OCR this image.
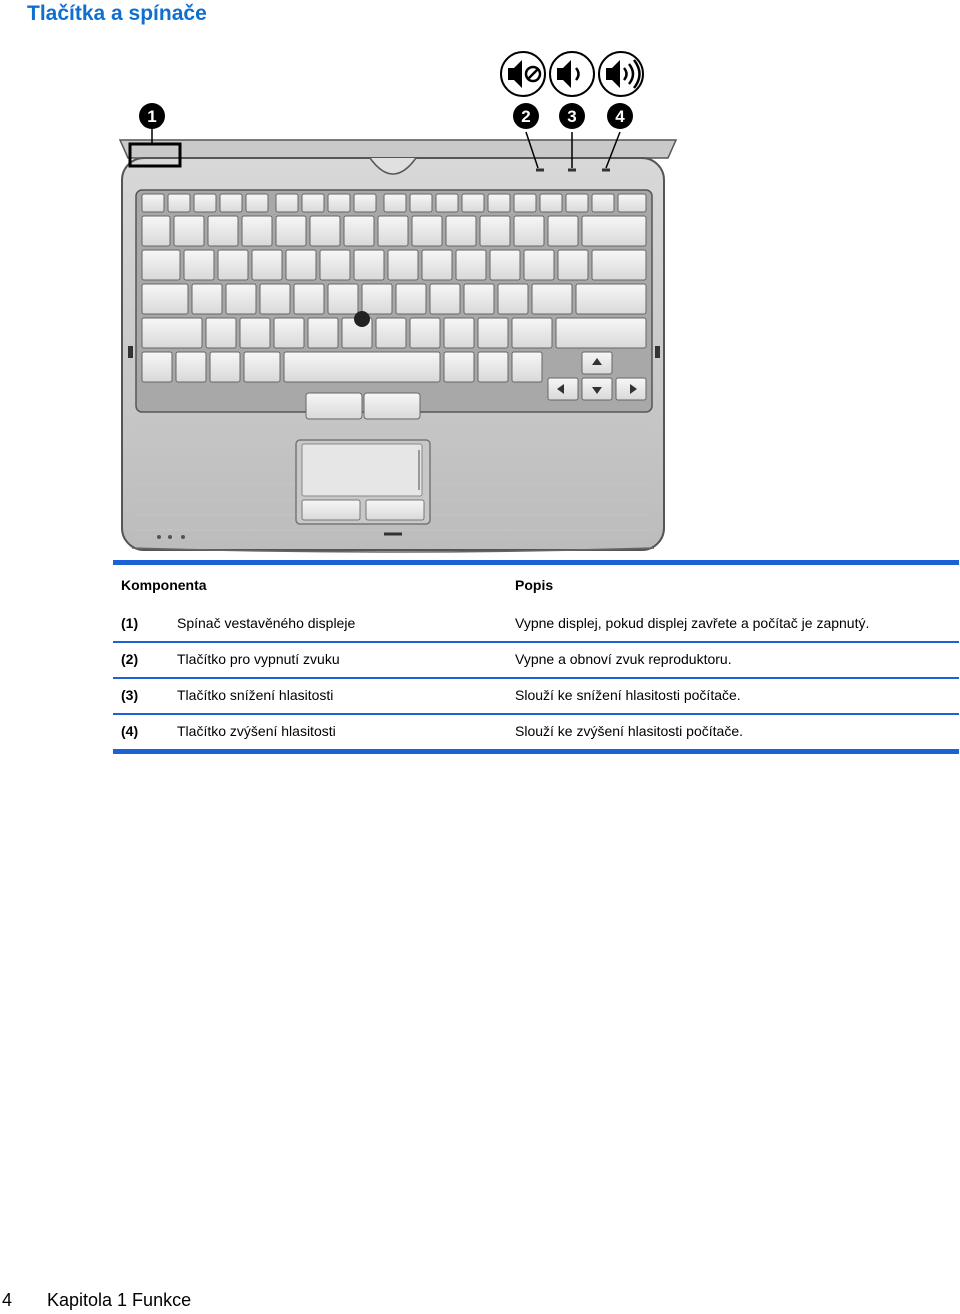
Tlačítka a spínače
1	2 3 4
Komponenta	Popis
(1)	Spínač vestavěného displeje	Vypne displej, pokud displej zavřete a počítač je zapnutý.
(2)	Tlačítko pro vypnutí zvuku	Vypne a obnoví zvuk reproduktoru.
(3)	Tlačítko snížení hlasitosti	Slouží ke snížení hlasitosti počítače.
(4)	Tlačítko zvýšení hlasitosti	Slouží ke zvýšení hlasitosti počítače.
4 Kapitola 1 Funkce
